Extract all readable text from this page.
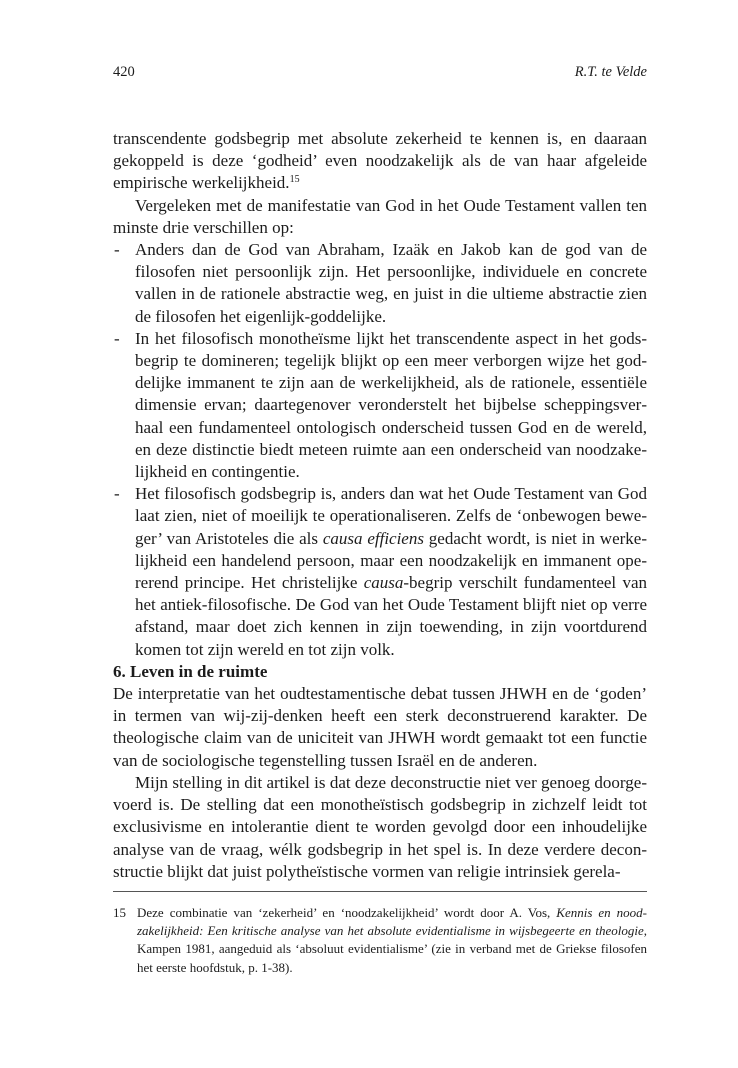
420	R.T. te Velde

transcendente godsbegrip met absolute zekerheid te kennen is, en daaraan gekoppeld is deze ‘godheid’ even noodzakelijk als de van haar afgeleide empirische werkelijkheid.$^{15}$

Vergeleken met de manifestatie van God in het Oude Testament vallen ten minste drie verschillen op:

- Anders dan de God van Abraham, Izaäk en Jakob kan de god van de filosofen niet persoonlijk zijn. Het persoonlijke, individuele en concrete vallen in de rationele abstractie weg, en juist in die ultieme abstractie zien de filosofen het eigenlijk-goddelijke.
- In het filosofisch monotheïsme lijkt het transcendente aspect in het godsbegrip te domineren; tegelijk blijkt op een meer verborgen wijze het goddelijke immanent te zijn aan de werkelijkheid, als de rationele, essentiële dimensie ervan; daartegenover veronderstelt het bijbelse scheppingsverhaal een fundamenteel ontologisch onderscheid tussen God en de wereld, en deze distinctie biedt meteen ruimte aan een onderscheid van noodzakelijkheid en contingentie.
- Het filosofisch godsbegrip is, anders dan wat het Oude Testament van God laat zien, niet of moeilijk te operationaliseren. Zelfs de ‘onbewogen beweger’ van Aristoteles die als causa efficiens gedacht wordt, is niet in werkelijkheid een handelend persoon, maar een noodzakelijk en immanent opererend principe. Het christelijke causa-begrip verschilt fundamenteel van het antiek-filosofische. De God van het Oude Testament blijft niet op verre afstand, maar doet zich kennen in zijn toewending, in zijn voortdurend komen tot zijn wereld en tot zijn volk.

6. Leven in de ruimte

De interpretatie van het oudtestamentische debat tussen JHWH en de ‘goden’ in termen van wij-zij-denken heeft een sterk deconstruerend karakter. De theologische claim van de uniciteit van JHWH wordt gemaakt tot een functie van de sociologische tegenstelling tussen Israël en de anderen.

Mijn stelling in dit artikel is dat deze deconstructie niet ver genoeg doorgevoerd is. De stelling dat een monotheïstisch godsbegrip in zichzelf leidt tot exclusivisme en intolerantie dient te worden gevolgd door een inhoudelijke analyse van de vraag, wélk godsbegrip in het spel is. In deze verdere deconstructie blijkt dat juist polytheïstische vormen van religie intrinsiek gerela-

15 Deze combinatie van ‘zekerheid’ en ‘noodzakelijkheid’ wordt door A. Vos, Kennis en noodzakelijkheid: Een kritische analyse van het absolute evidentialisme in wijsbegeerte en theologie, Kampen 1981, aangeduid als ‘absoluut evidentialisme’ (zie in verband met de Griekse filosofen het eerste hoofdstuk, p. 1-38).
